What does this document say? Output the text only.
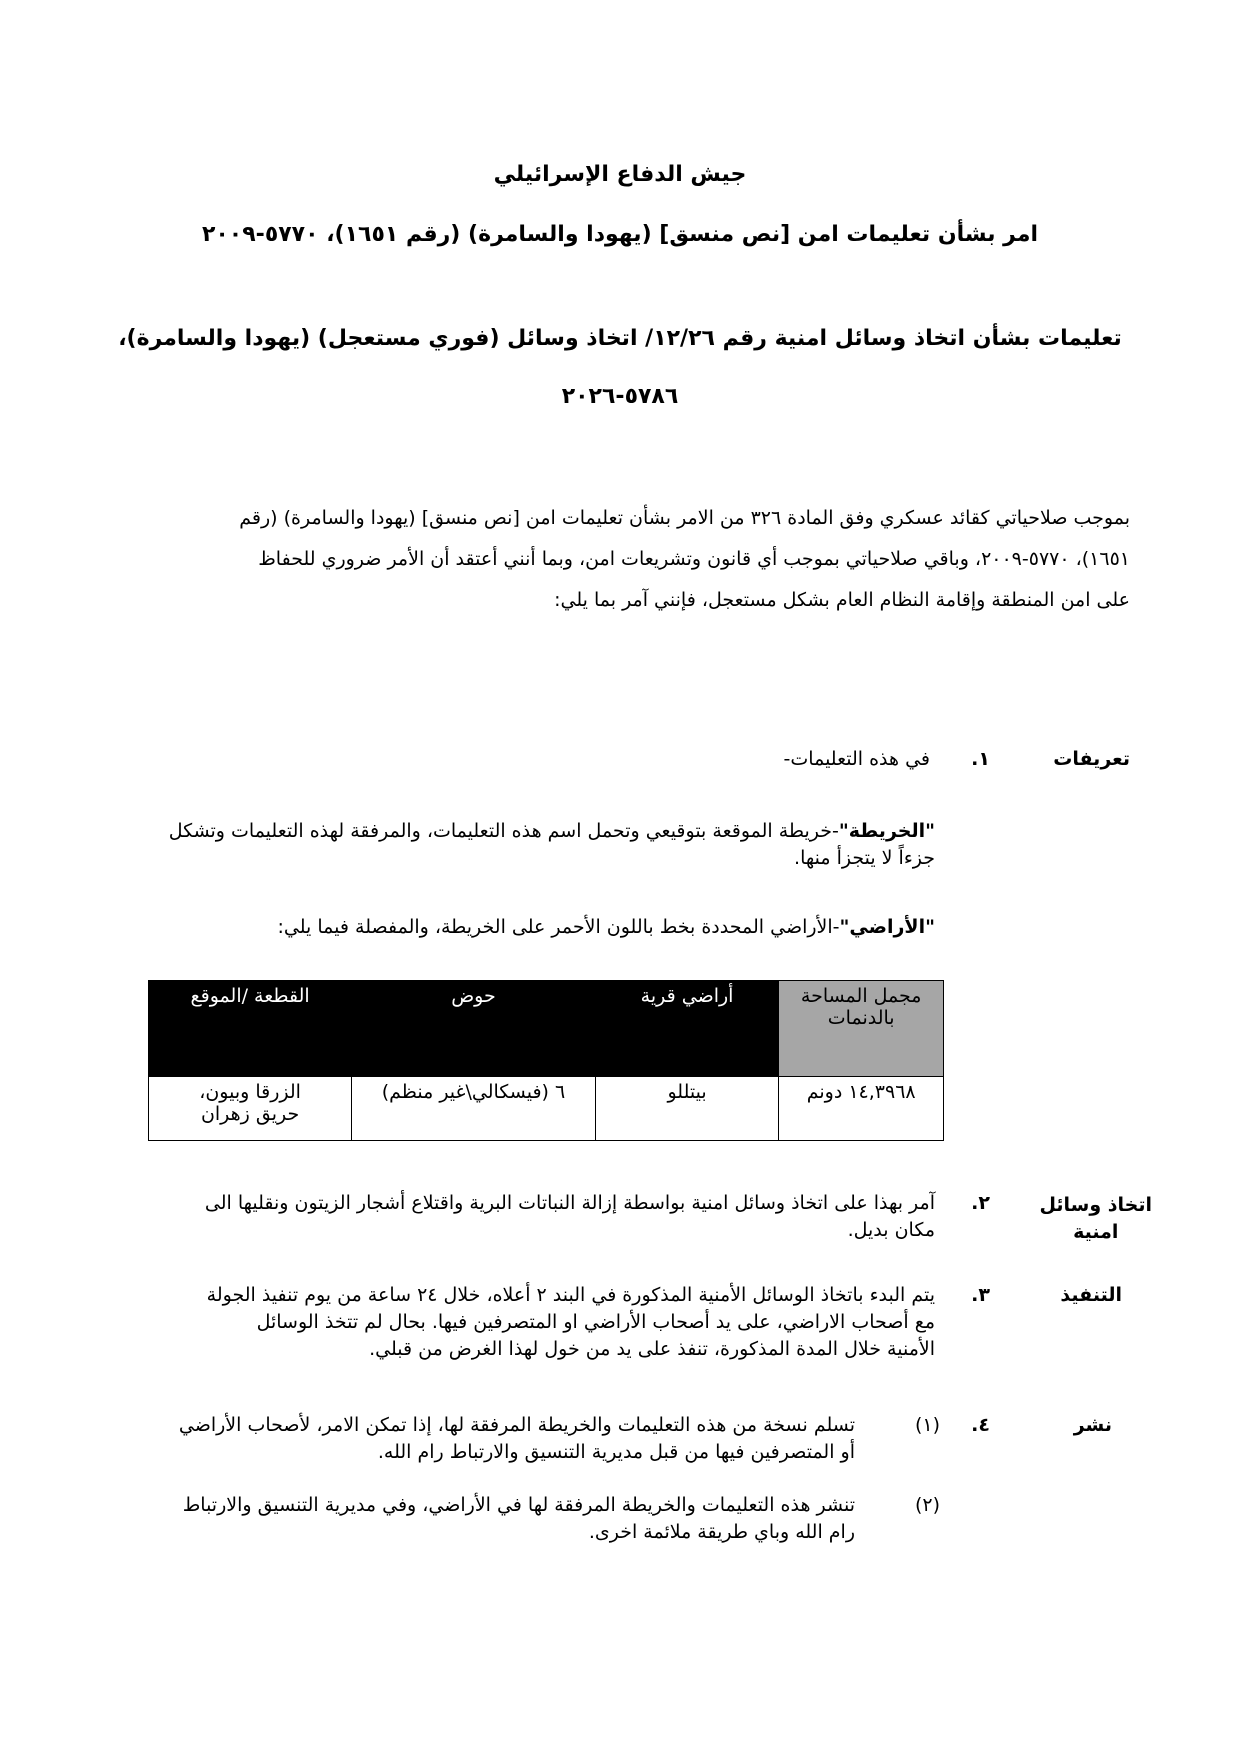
جيش الدفاع الإسرائيلي
امر بشأن تعليمات امن [نص منسق] (يهودا والسامرة) (رقم ١٦٥١)، ٥٧٧٠-٢٠٠٩
تعليمات بشأن اتخاذ وسائل امنية رقم ١٢/٢٦/ اتخاذ وسائل (فوري مستعجل) (يهودا والسامرة)،
٥٧٨٦-٢٠٢٦
بموجب صلاحياتي كقائد عسكري وفق المادة ٣٢٦ من الامر بشأن تعليمات امن [نص منسق] (يهودا والسامرة) (رقم
١٦٥١)، ٥٧٧٠-٢٠٠٩، وباقي صلاحياتي بموجب أي قانون وتشريعات امن، وبما أنني أعتقد أن الأمر ضروري للحفاظ
على امن المنطقة وإقامة النظام العام بشكل مستعجل، فإنني آمر بما يلي:
تعريفات
١.
في هذه التعليمات-
"الخريطة"-خريطة الموقعة بتوقيعي وتحمل اسم هذه التعليمات، والمرفقة لهذه التعليمات وتشكل
جزءاً لا يتجزأ منها.
"الأراضي"-الأراضي المحددة بخط باللون الأحمر على الخريطة، والمفصلة فيما يلي:
مجمل المساحة بالدنمات	أراضي قرية	حوض	القطعة /الموقع
١٤,٣٩٦٨ دونم	بيتللو	٦ (فيسكالي\غير منظم)	الزرقا وبيون،
حريق زهران
اتخاذ وسائل
امنية
٢.
آمر بهذا على اتخاذ وسائل امنية بواسطة إزالة النباتات البرية واقتلاع أشجار الزيتون ونقليها الى
مكان بديل.
التنفيذ
٣.
يتم البدء باتخاذ الوسائل الأمنية المذكورة في البند ٢ أعلاه، خلال ٢٤ ساعة من يوم تنفيذ الجولة
مع أصحاب الاراضي، على يد أصحاب الأراضي او المتصرفين فيها. بحال لم تتخذ الوسائل
الأمنية خلال المدة المذكورة، تنفذ على يد من خول لهذا الغرض من قبلي.
نشر
٤.
(١)
تسلم نسخة من هذه التعليمات والخريطة المرفقة لها، إذا تمكن الامر، لأصحاب الأراضي
أو المتصرفين فيها من قبل مديرية التنسيق والارتباط رام الله.
(٢)
تنشر هذه التعليمات والخريطة المرفقة لها في الأراضي، وفي مديرية التنسيق والارتباط
رام الله وباي طريقة ملائمة اخرى.
